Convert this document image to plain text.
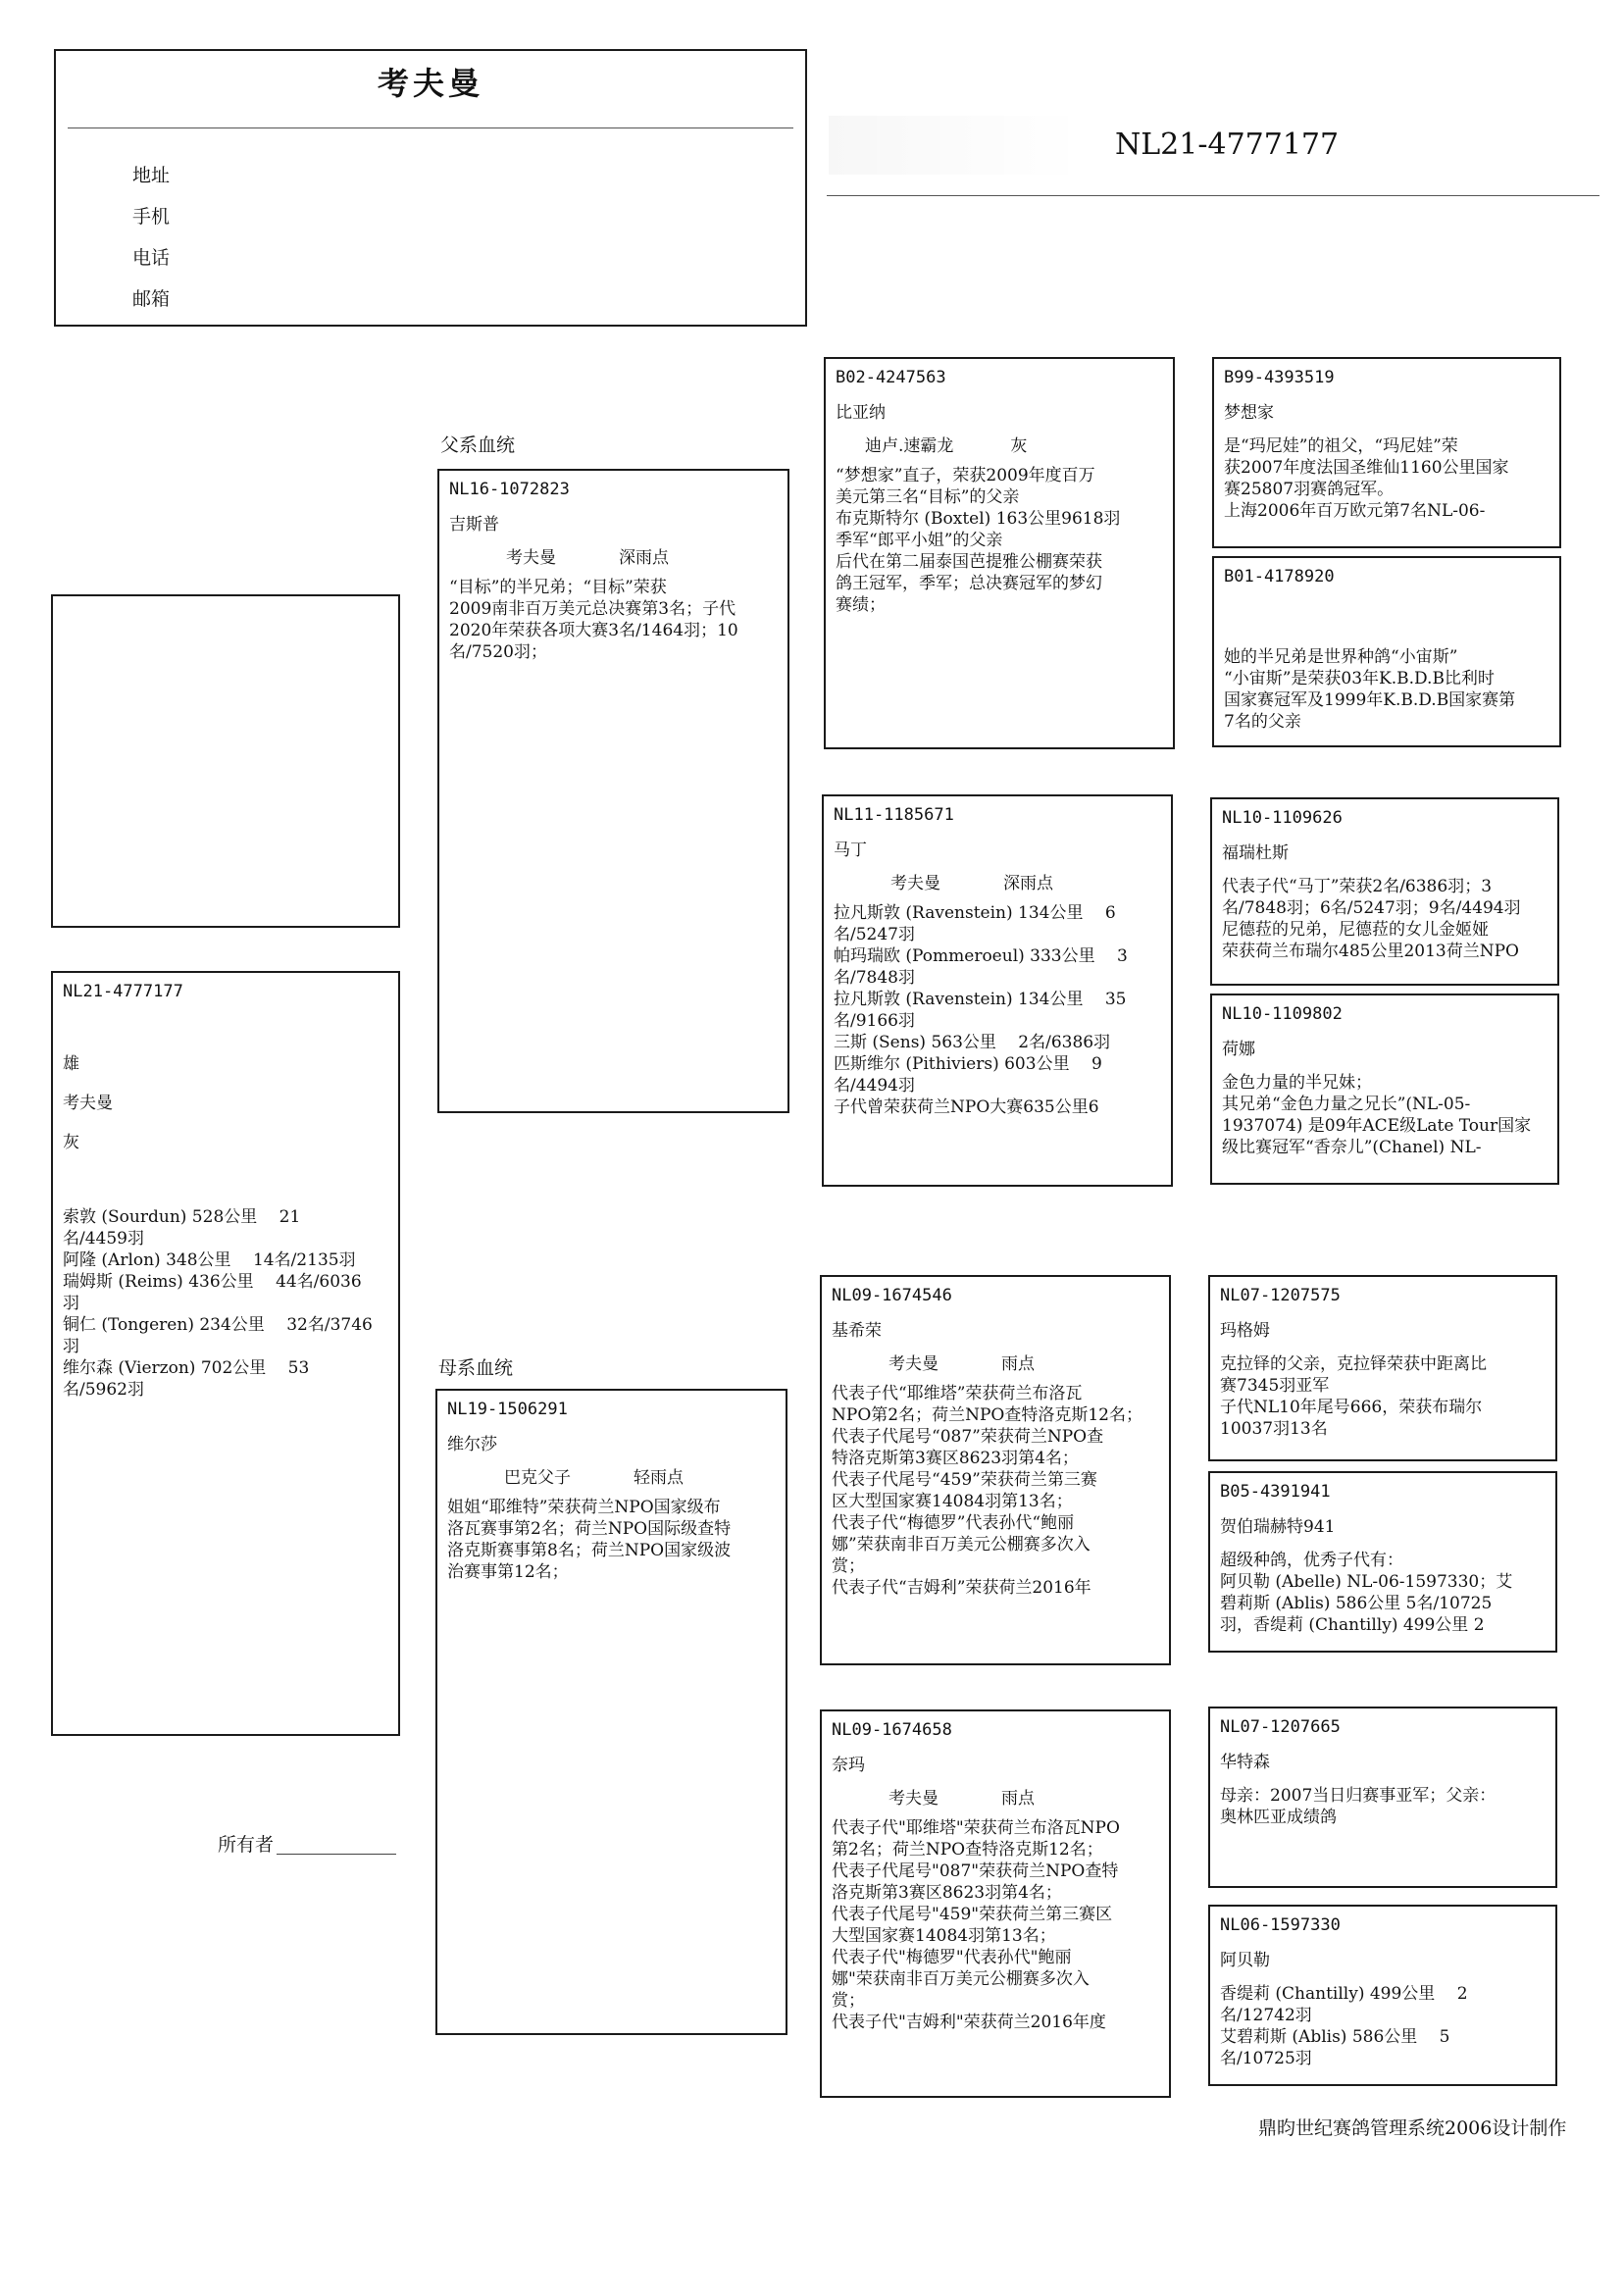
考夫曼
地址
手机
电话
邮箱
NL21-4777177
父系血统
母系血统
NL21-4777177
雄
考夫曼
灰
索敦 (Sourdun) 528公里　 21
名/4459羽
阿隆 (Arlon) 348公里　 14名/2135羽
瑞姆斯 (Reims) 436公里　 44名/6036
羽
铜仁 (Tongeren) 234公里　 32名/3746
羽
维尔森 (Vierzon) 702公里　 53
名/5962羽
NL16-1072823
吉斯普
考夫曼	深雨点
“目标”的半兄弟；“目标”荣获
2009南非百万美元总决赛第3名；子代
2020年荣获各项大赛3名/1464羽；10
名/7520羽；
NL19-1506291
维尔莎
巴克父子	轻雨点
姐姐“耶维特”荣获荷兰NPO国家级布
洛瓦赛事第2名；荷兰NPO国际级查特
洛克斯赛事第8名；荷兰NPO国家级波
治赛事第12名；
B02-4247563
比亚纳
迪卢.速霸龙	灰
“梦想家”直子，荣获2009年度百万
美元第三名“目标”的父亲
布克斯特尔 (Boxtel) 163公里9618羽
季军“郎平小姐”的父亲
后代在第二届泰国芭提雅公棚赛荣获
鸽王冠军，季军；总决赛冠军的梦幻
赛绩；
NL11-1185671
马丁
考夫曼	深雨点
拉凡斯敦 (Ravenstein) 134公里　 6
名/5247羽
帕玛瑞欧 (Pommeroeul) 333公里　 3
名/7848羽
拉凡斯敦 (Ravenstein) 134公里　 35
名/9166羽
三斯 (Sens) 563公里　 2名/6386羽
匹斯维尔 (Pithiviers) 603公里　 9
名/4494羽
子代曾荣获荷兰NPO大赛635公里6
NL09-1674546
基希荣
考夫曼	雨点
代表子代“耶维塔”荣获荷兰布洛瓦
NPO第2名；荷兰NPO查特洛克斯12名；
代表子代尾号“087”荣获荷兰NPO查
特洛克斯第3赛区8623羽第4名；
代表子代尾号“459”荣获荷兰第三赛
区大型国家赛14084羽第13名；
代表子代“梅德罗”代表孙代“鲍丽
娜”荣获南非百万美元公棚赛多次入
赏；
代表子代“吉姆利”荣获荷兰2016年
NL09-1674658
奈玛
考夫曼	雨点
代表子代"耶维塔"荣获荷兰布洛瓦NPO
第2名；荷兰NPO查特洛克斯12名；
代表子代尾号"087"荣获荷兰NPO查特
洛克斯第3赛区8623羽第4名；
代表子代尾号"459"荣获荷兰第三赛区
大型国家赛14084羽第13名；
代表子代"梅德罗"代表孙代"鲍丽
娜"荣获南非百万美元公棚赛多次入
赏；
代表子代"吉姆利"荣获荷兰2016年度
B99-4393519
梦想家
是“玛尼娃”的祖父，“玛尼娃”荣
获2007年度法国圣维仙1160公里国家
赛25807羽赛鸽冠军。
上海2006年百万欧元第7名NL-06-
B01-4178920
她的半兄弟是世界种鸽“小宙斯”
“小宙斯”是荣获03年K.B.D.B比利时
国家赛冠军及1999年K.B.D.B国家赛第
7名的父亲
NL10-1109626
福瑞杜斯
代表子代“马丁”荣获2名/6386羽；3
名/7848羽；6名/5247羽；9名/4494羽
尼德菈的兄弟，尼德菈的女儿金姬娅
荣获荷兰布瑞尔485公里2013荷兰NPO
NL10-1109802
荷娜
金色力量的半兄妹；
其兄弟“金色力量之兄长”(NL-05-
1937074) 是09年ACE级Late Tour国家
级比赛冠军“香奈儿”(Chanel) NL-
NL07-1207575
玛格姆
克拉铎的父亲，克拉铎荣获中距离比
赛7345羽亚军
子代NL10年尾号666，荣获布瑞尔
10037羽13名
B05-4391941
贺伯瑞赫特941
超级种鸽，优秀子代有：
阿贝勒 (Abelle) NL-06-1597330；艾
碧莉斯 (Ablis) 586公里 5名/10725
羽，香缇莉 (Chantilly) 499公里 2
NL07-1207665
华特森
母亲：2007当日归赛事亚军；父亲：
奥林匹亚成绩鸽
NL06-1597330
阿贝勒
香缇莉 (Chantilly) 499公里　 2
名/12742羽
艾碧莉斯 (Ablis) 586公里　 5
名/10725羽
所有者
鼎昀世纪赛鸽管理系统2006设计制作
